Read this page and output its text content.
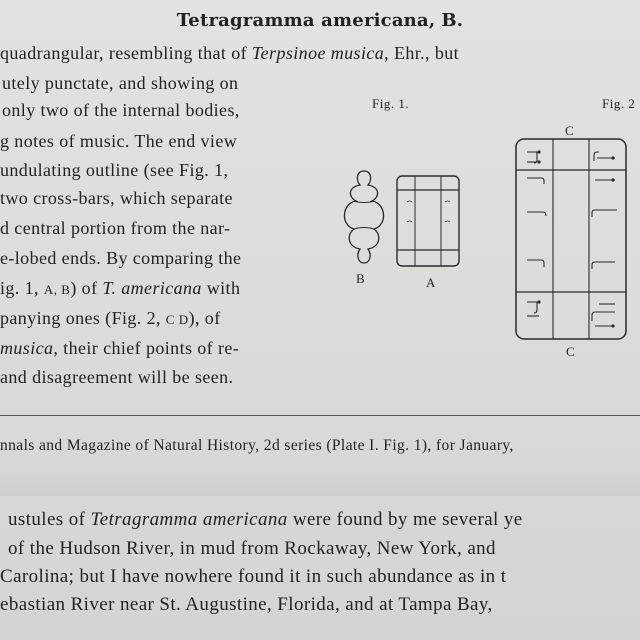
Tetragramma americana, B.
quadrangular, resembling that of Terpsinoe musica, Ehr., but
utely punctate, and showing on
only two of the internal bodies,
g notes of music. The end view
undulating outline (see Fig. 1,
two cross-bars, which separate
d central portion from the nar-
e-lobed ends. By comparing the
ig. 1, A, B) of T. americana with
panying ones (Fig. 2, C D), of
musica, their chief points of re-
and disagreement will be seen.
Fig. 1.	Fig. 2
B	A
C
C
nnals and Magazine of Natural History, 2d series (Plate I. Fig. 1), for January,
ustules of Tetragramma americana were found by me several ye
of the Hudson River, in mud from Rockaway, New York, and
Carolina; but I have nowhere found it in such abundance as in t
ebastian River near St. Augustine, Florida, and at Tampa Bay,
